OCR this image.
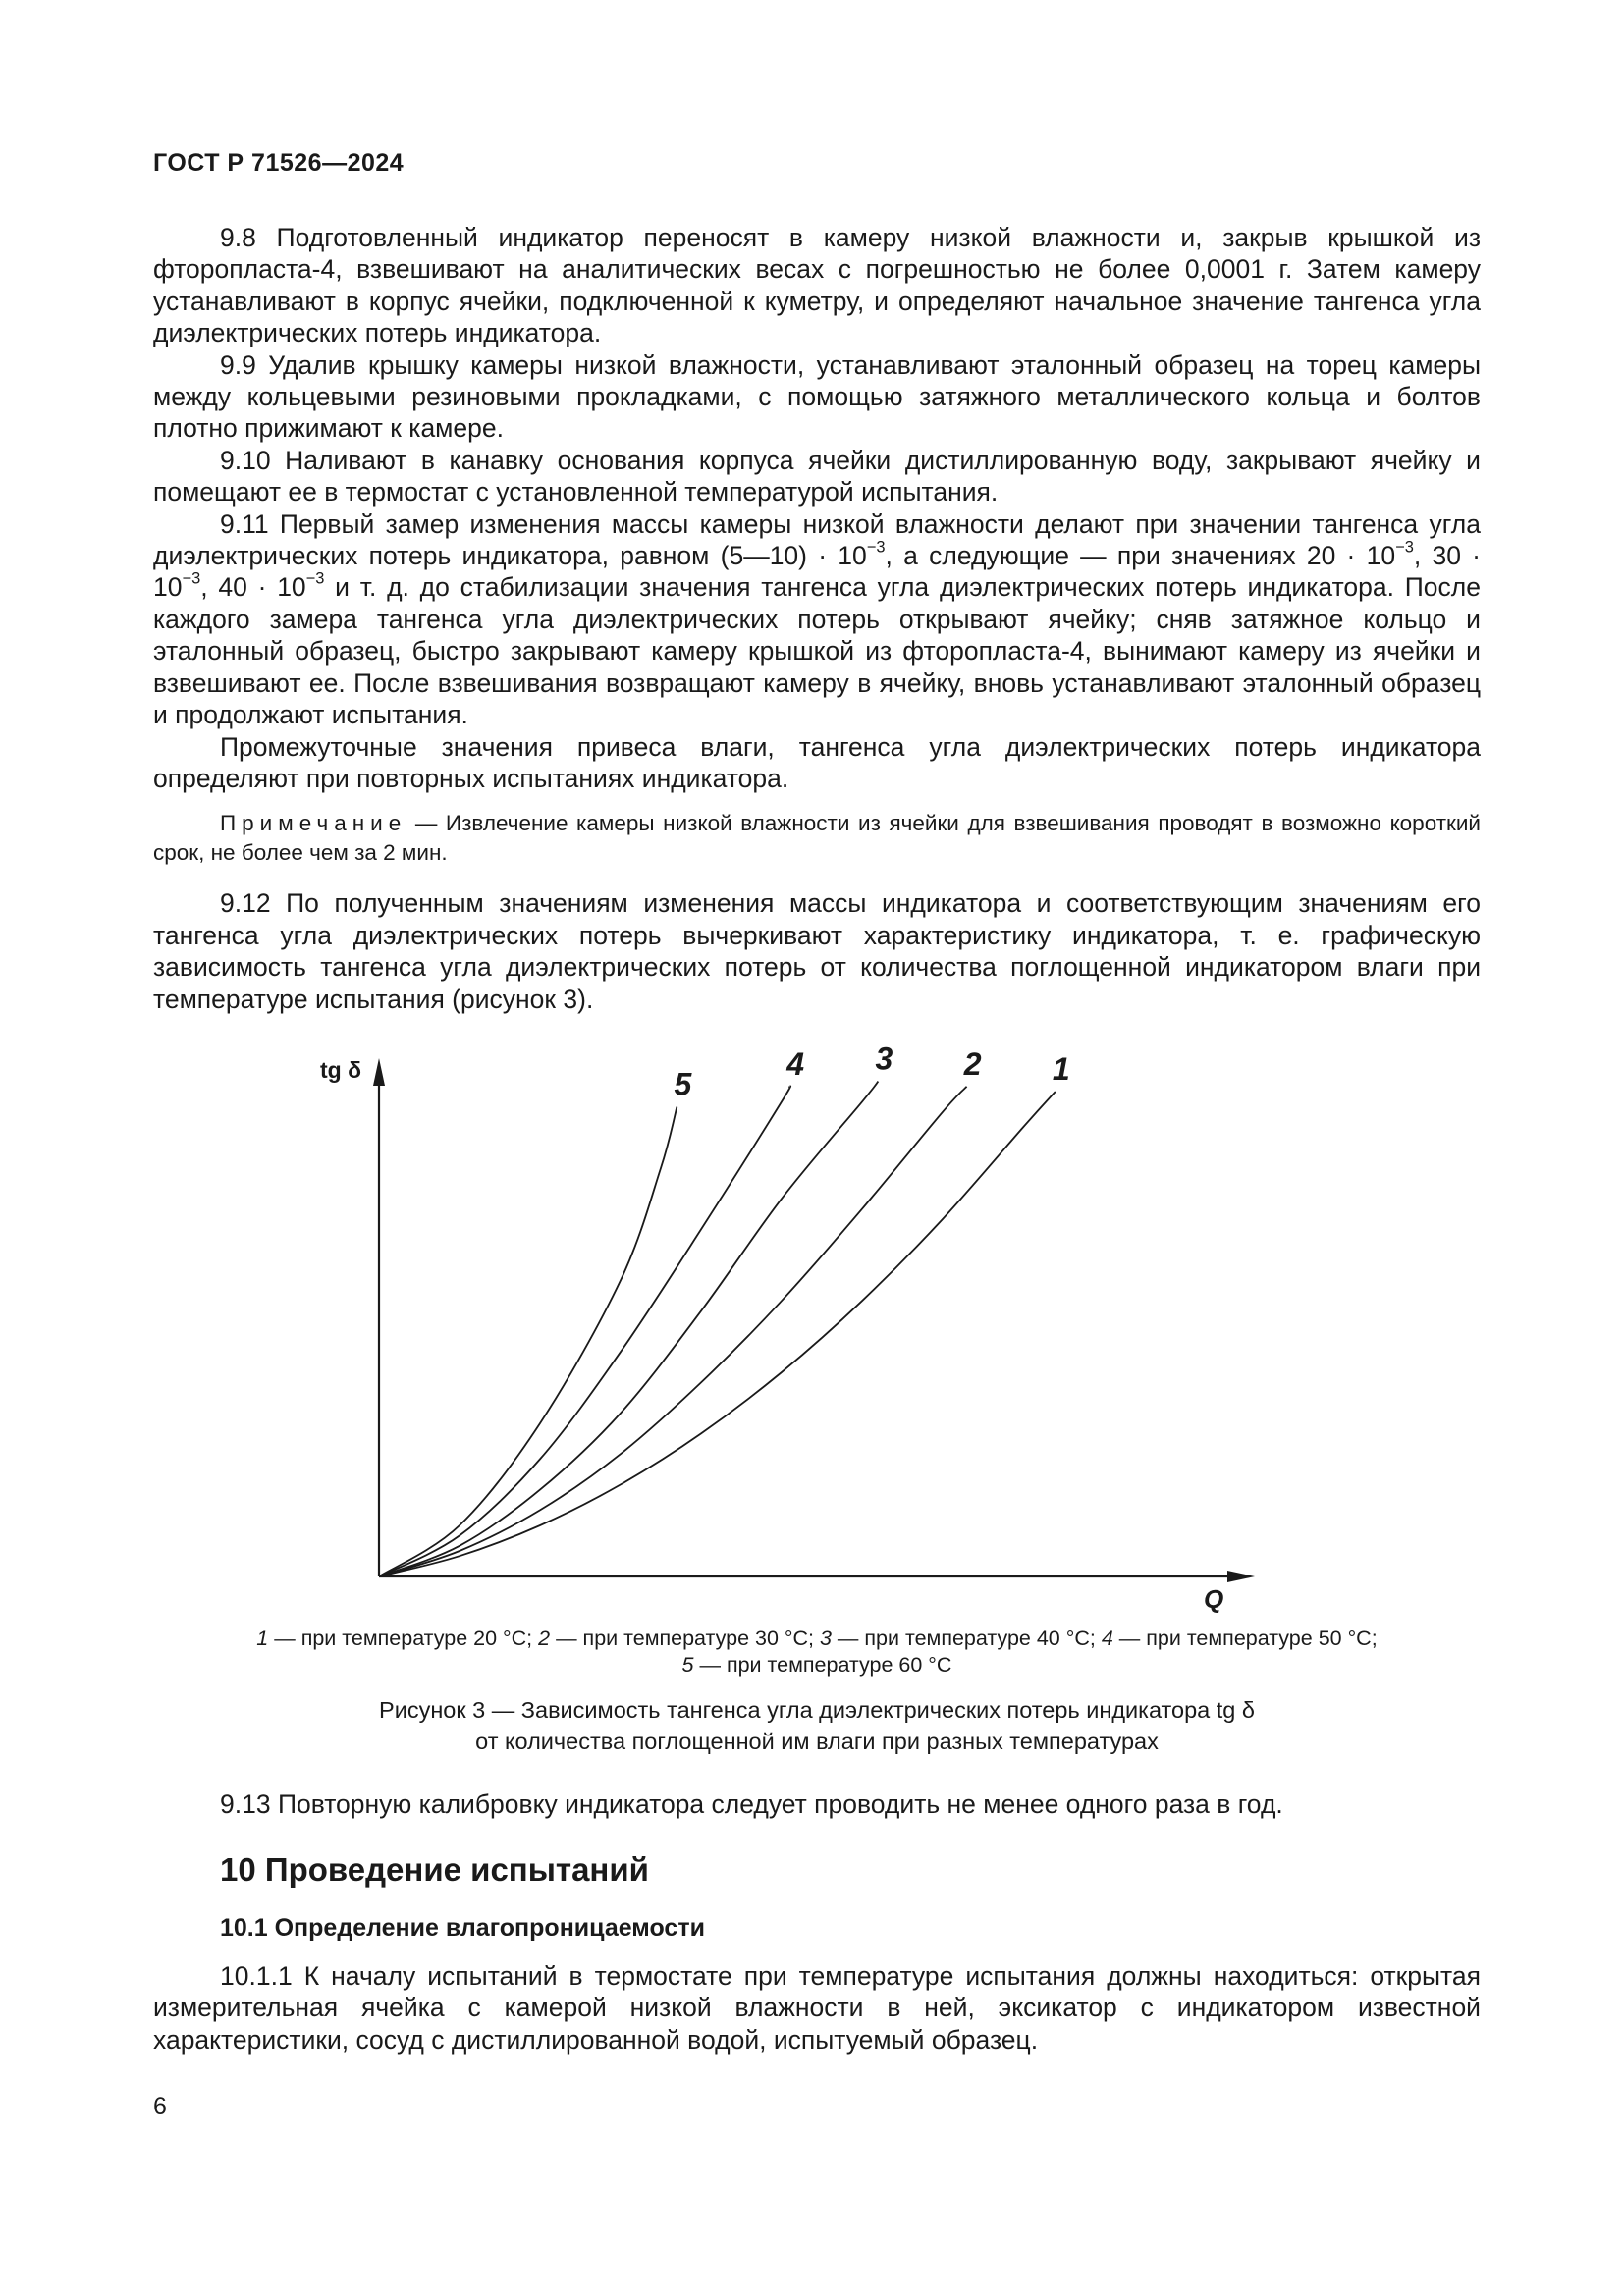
ГОСТ Р 71526—2024

9.8 Подготовленный индикатор переносят в камеру низкой влажности и, закрыв крышкой из фторопласта-4, взвешивают на аналитических весах с погрешностью не более 0,0001 г. Затем камеру устанавливают в корпус ячейки, подключенной к куметру, и определяют начальное значение тангенса угла диэлектрических потерь индикатора.

9.9 Удалив крышку камеры низкой влажности, устанавливают эталонный образец на торец камеры между кольцевыми резиновыми прокладками, с помощью затяжного металлического кольца и болтов плотно прижимают к камере.

9.10 Наливают в канавку основания корпуса ячейки дистиллированную воду, закрывают ячейку и помещают ее в термостат с установленной температурой испытания.

9.11 Первый замер изменения массы камеры низкой влажности делают при значении тангенса угла диэлектрических потерь индикатора, равном (5—10) · $10^{-3}$, а следующие — при значениях $20 \cdot 10^{-3}$, $30 \cdot 10^{-3}$, $40 \cdot 10^{-3}$ и т. д. до стабилизации значения тангенса угла диэлектрических потерь индикатора. После каждого замера тангенса угла диэлектрических потерь открывают ячейку; сняв затяжное кольцо и эталонный образец, быстро закрывают камеру крышкой из фторопласта-4, вынимают камеру из ячейки и взвешивают ее. После взвешивания возвращают камеру в ячейку, вновь устанавливают эталонный образец и продолжают испытания.

Промежуточные значения привеса влаги, тангенса угла диэлектрических потерь индикатора определяют при повторных испытаниях индикатора.

Примечание — Извлечение камеры низкой влажности из ячейки для взвешивания проводят в возможно короткий срок, не более чем за 2 мин.

9.12 По полученным значениям изменения массы индикатора и соответствующим значениям его тангенса угла диэлектрических потерь вычеркивают характеристику индикатора, т. е. графическую зависимость тангенса угла диэлектрических потерь от количества поглощенной индикатором влаги при температуре испытания (рисунок 3).

tg δ
Q
1
2
3
4
5
1 — при температуре 20 °C; 2 — при температуре 30 °C; 3 — при температуре 40 °C; 4 — при температуре 50 °C;
5 — при температуре 60 °C
Рисунок 3 — Зависимость тангенса угла диэлектрических потерь индикатора tg δ
от количества поглощенной им влаги при разных температурах
9.13 Повторную калибровку индикатора следует проводить не менее одного раза в год.
10 Проведение испытаний
10.1 Определение влагопроницаемости

10.1.1 К началу испытаний в термостате при температуре испытания должны находиться: открытая измерительная ячейка с камерой низкой влажности в ней, эксикатор с индикатором известной характеристики, сосуд с дистиллированной водой, испытуемый образец.

6
